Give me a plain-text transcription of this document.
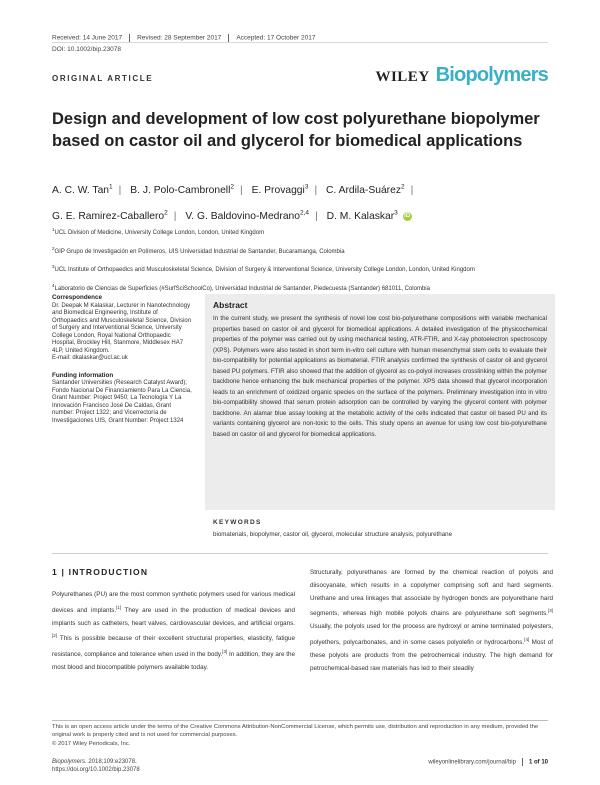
Received: 14 June 2017 Revised: 28 September 2017 Accepted: 17 October 2017
DOI: 10.1002/bip.23078
ORIGINAL ARTICLE	WILEY Biopolymers
Design and development of low cost polyurethane biopolymer based on castor oil and glycerol for biomedical applications
A. C. W. Tan$^1$ | B. J. Polo-Cambronell$^2$ | E. Provaggi$^3$ | C. Ardila-Suárez$^2$ |
G. E. Ramirez-Caballero$^2$ | V. G. Baldovino-Medrano$^{2,4}$ | D. M. Kalaskar$^3$ iD

$^1$UCL Division of Medicine, University College London, London, United Kingdom

$^2$GIP Grupo de Investigación en Polímeros, UIS Universidad Industrial de Santander, Bucaramanga, Colombia

$^3$UCL Institute of Orthopaedics and Musculoskeletal Science, Division of Surgery & Interventional Science, University College London, London, United Kingdom

$^4$Laboratorio de Ciencias de Superficies (#SurfSciSchoolCo), Universidad Industrial de Santander, Piedecuesta (Santander) 681011, Colombia

Correspondence

Dr. Deepak M Kalaskar, Lecturer in Nanotechnology and Biomedical Engineering, Institute of Orthopaedics and Musculoskeletal Science, Division of Surgery and Interventional Science, University College London, Royal National Orthopaedic Hospital, Brockley Hill, Stanmore, Middlesex HA7 4LP, United Kingdom.
E-mail: dkalaskar@ucl.ac.uk

Funding information

Santander Universities (Research Catalyst Award); Fondo Nacional De Financiamiento Para La Ciencia, Grant Number: Project 9450; La Tecnología Y La Innovación Francisco José De Caldas, Grant number: Project 1322; and Vicerrectoría de Investigaciones UIS, Grant Number: Project 1324

Abstract

In the current study, we present the synthesis of novel low cost bio-polyurethane compositions with variable mechanical properties based on castor oil and glycerol for biomedical applications. A detailed investigation of the physicochemical properties of the polymer was carried out by using mechanical testing, ATR-FTIR, and X-ray photoelectron spectroscopy (XPS). Polymers were also tested in short term in-vitro cell culture with human mesenchymal stem cells to evaluate their bio-compatibility for potential applications as biomaterial. FTIR analysis confirmed the synthesis of castor oil and glycerol based PU polymers. FTIR also showed that the addition of glycerol as co-polyol increases crosslinking within the polymer backbone hence enhancing the bulk mechanical properties of the polymer. XPS data showed that glycerol incorporation leads to an enrichment of oxidized organic species on the surface of the polymers. Preliminary investigation into in vitro bio-compatibility showed that serum protein adsorption can be controlled by varying the glycerol content with polymer backbone. An alamar blue assay looking at the metabolic activity of the cells indicated that castor oil based PU and its variants containing glycerol are non-toxic to the cells. This study opens an avenue for using low cost bio-polyurethane based on castor oil and glycerol for biomedical applications.

KEYWORDS

biomaterials, biopolymer, castor oil, glycerol, molecular structure analysis, polyurethane

1 | INTRODUCTION
Polyurethanes (PU) are the most common synthetic polymers used for various medical devices and implants.[1] They are used in the production of medical devices and implants such as catheters, heart valves, cardiovascular devices, and artificial organs.[2] This is possible because of their excellent structural properties, elasticity, fatigue resistance, compliance and tolerance when used in the body.[3] In addition, they are the most blood and biocompatible polymers available today.
Structurally, polyurethanes are formed by the chemical reaction of polyols and diisocyanate, which results in a copolymer comprising soft and hard segments. Urethane and urea linkages that associate by hydrogen bonds are polyurethane hard segments, whereas high mobile polyols chains are polyurethane soft segments.[3] Usually, the polyols used for the process are hydroxyl or amine terminated polyesters, polyethers, polycarbonates, and in some cases polyolefin or hydrocarbons.[4] Most of these polyols are products from the petrochemical industry. The high demand for petrochemical-based raw materials has led to their steadily
This is an open access article under the terms of the Creative Commons Attribution-NonCommercial License, which permits use, distribution and reproduction in any medium, provided the original work is properly cited and is not used for commercial purposes.
© 2017 Wiley Periodicals, Inc.
Biopolymers. 2018;109:e23078.
https://doi.org/10.1002/bip.23078
wileyonlinelibrary.com/journal/bip 1 of 10
